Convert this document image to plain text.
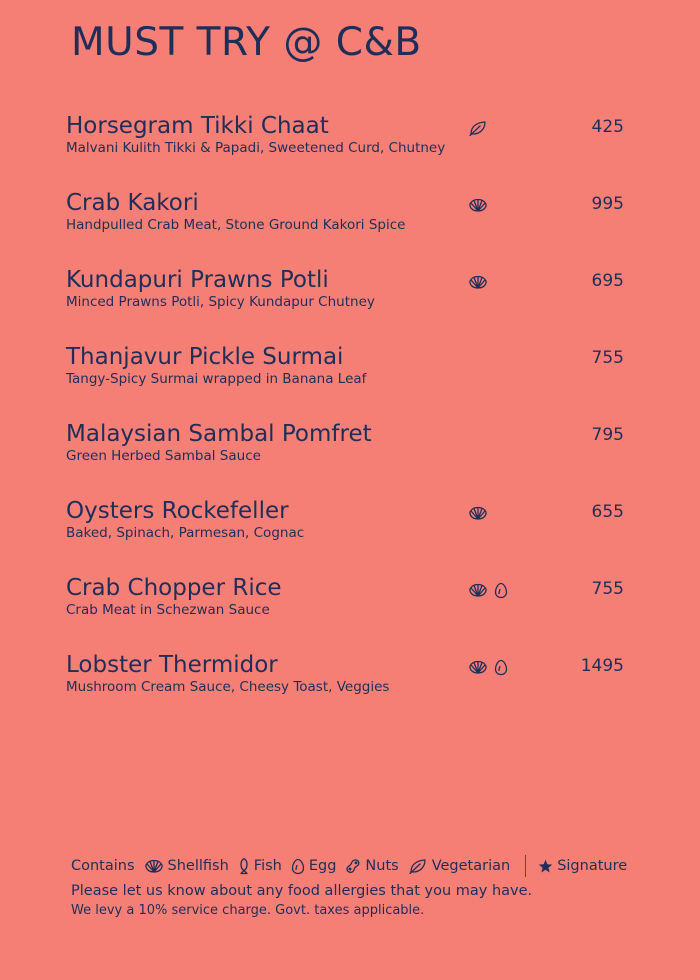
MUST TRY @ C&B
Horsegram Tikki Chaat
Malvani Kulith Tikki & Papadi, Sweetened Curd, Chutney
425
Crab Kakori
Handpulled Crab Meat, Stone Ground Kakori Spice
995
Kundapuri Prawns Potli
Minced Prawns Potli, Spicy Kundapur Chutney
695
Thanjavur Pickle Surmai
Tangy-Spicy Surmai wrapped in Banana Leaf
755
Malaysian Sambal Pomfret
Green Herbed Sambal Sauce
795
Oysters Rockefeller
Baked, Spinach, Parmesan, Cognac
655
Crab Chopper Rice
Crab Meat in Schezwan Sauce
755
Lobster Thermidor
Mushroom Cream Sauce, Cheesy Toast, Veggies
1495
Contains Shellfish Fish Egg Nuts Vegetarian	Signature
Please let us know about any food allergies that you may have.
We levy a 10% service charge. Govt. taxes applicable.
